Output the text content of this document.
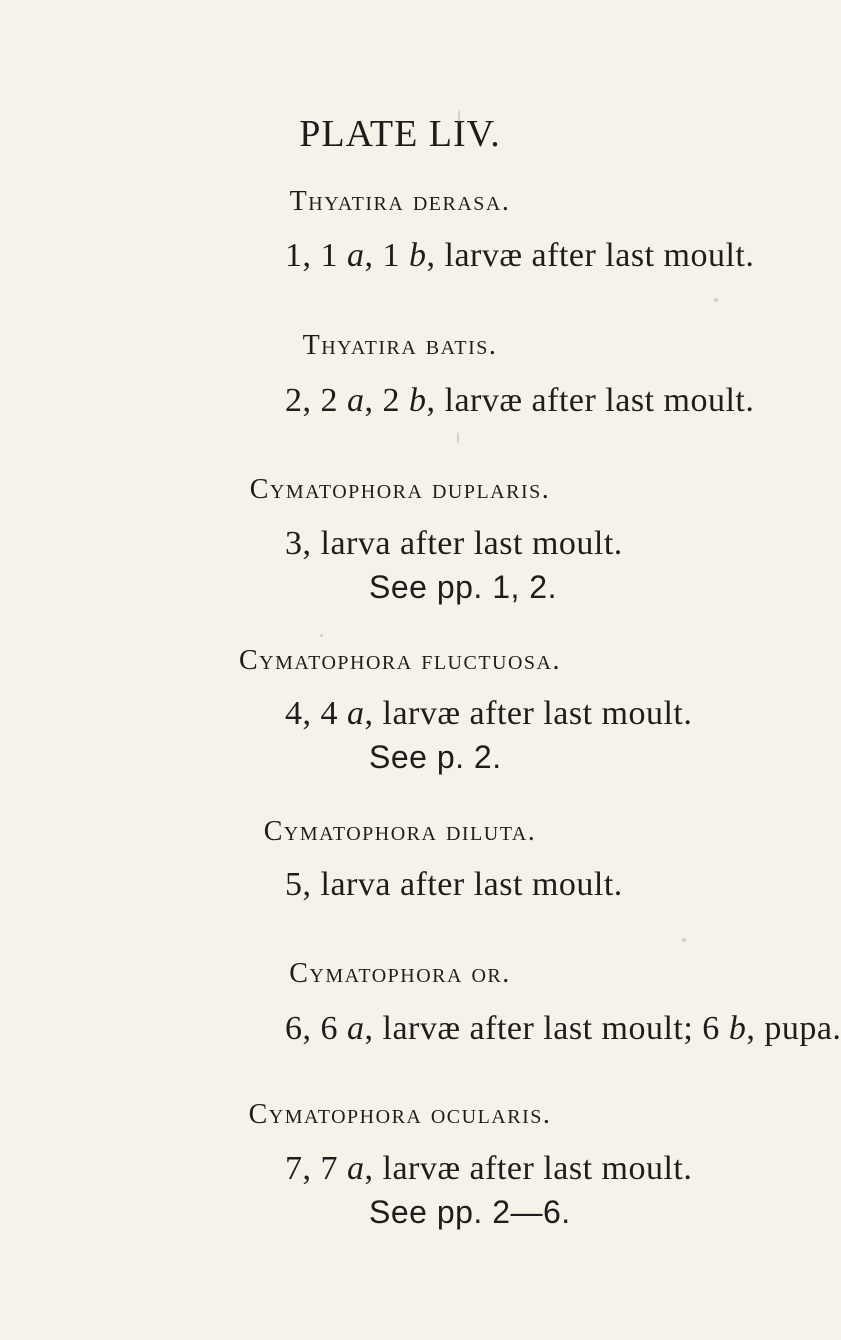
PLATE LIV.
Thyatira derasa.
1, 1 a, 1 b, larvæ after last moult.
Thyatira batis.
2, 2 a, 2 b, larvæ after last moult.
Cymatophora duplaris.
3, larva after last moult.
See pp. 1, 2.
Cymatophora fluctuosa.
4, 4 a, larvæ after last moult.
See p. 2.
Cymatophora diluta.
5, larva after last moult.
Cymatophora or.
6, 6 a, larvæ after last moult; 6 b, pupa.
Cymatophora ocularis.
7, 7 a, larvæ after last moult.
See pp. 2—6.
